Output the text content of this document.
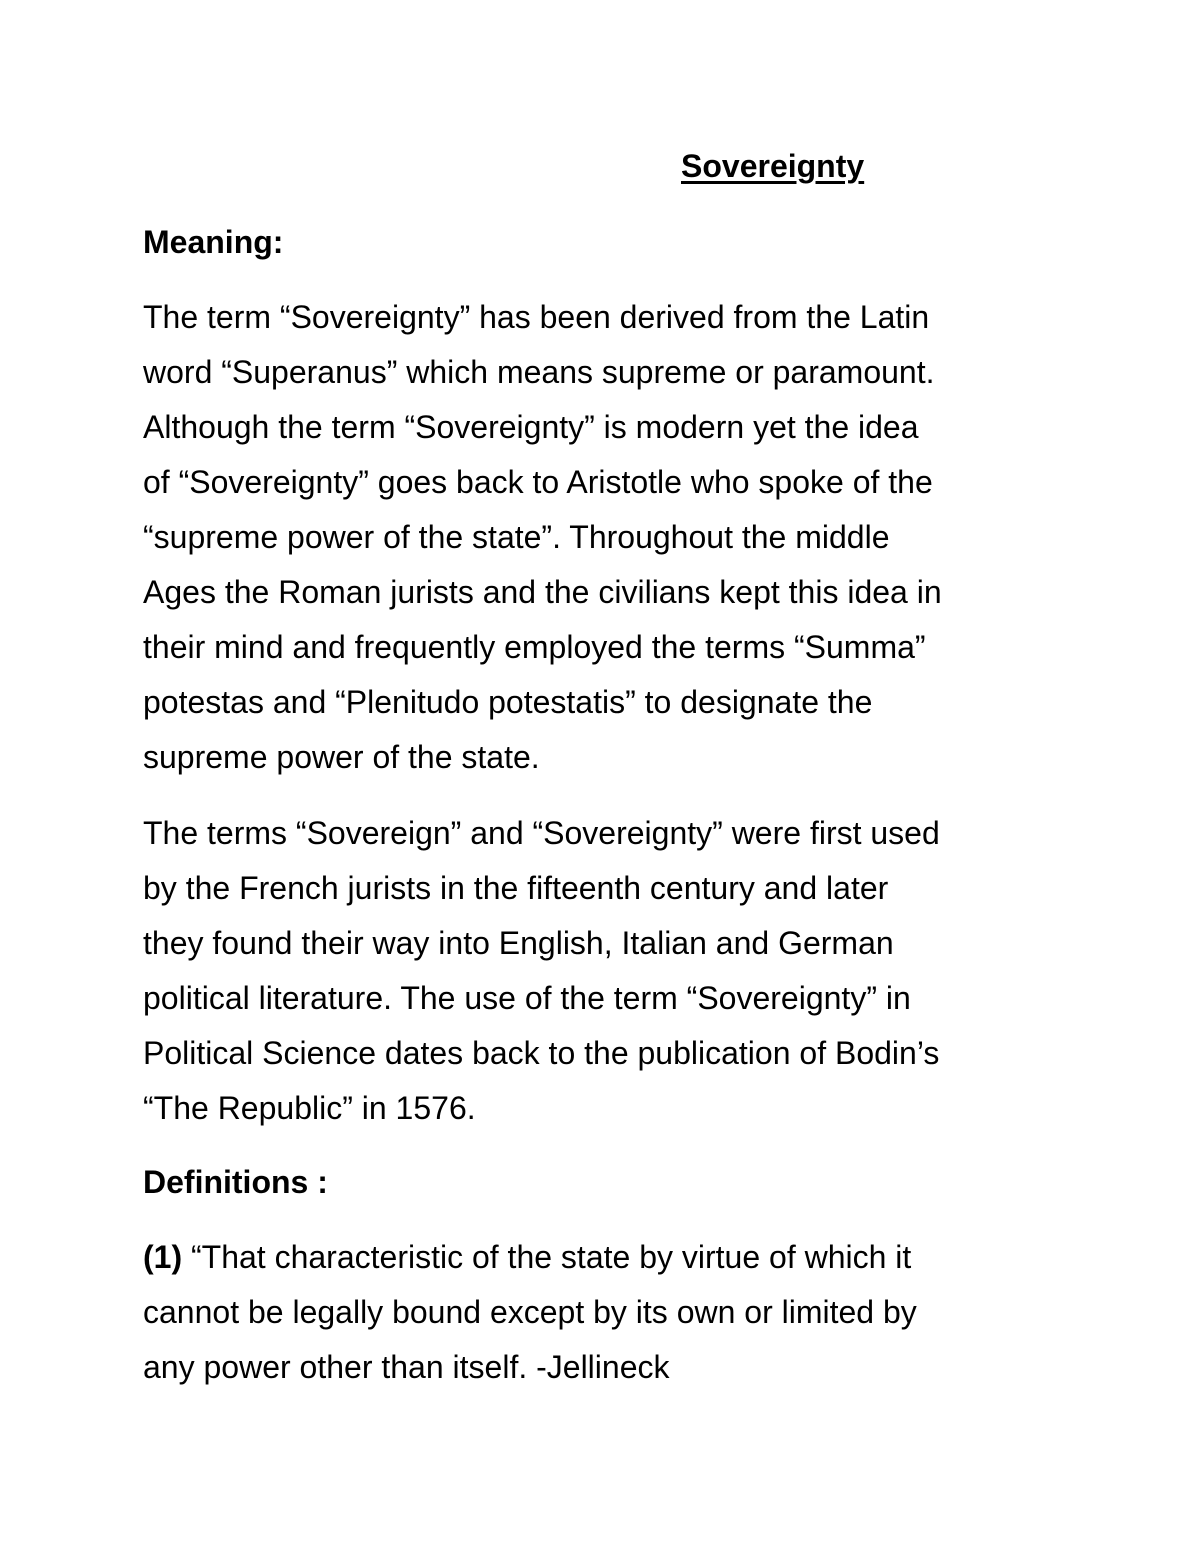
Sovereignty
Meaning:

The term “Sovereignty” has been derived from the Latin
word “Superanus” which means supreme or paramount.
Although the term “Sovereignty” is modern yet the idea
of “Sovereignty” goes back to Aristotle who spoke of the
“supreme power of the state”. Throughout the middle
Ages the Roman jurists and the civilians kept this idea in
their mind and frequently employed the terms “Summa”
potestas and “Plenitudo potestatis” to designate the
supreme power of the state.

The terms “Sovereign” and “Sovereignty” were first used
by the French jurists in the fifteenth century and later
they found their way into English, Italian and German
political literature. The use of the term “Sovereignty” in
Political Science dates back to the publication of Bodin’s
“The Republic” in 1576.

Definitions :

(1) “That characteristic of the state by virtue of which it
cannot be legally bound except by its own or limited by
any power other than itself. -Jellineck
